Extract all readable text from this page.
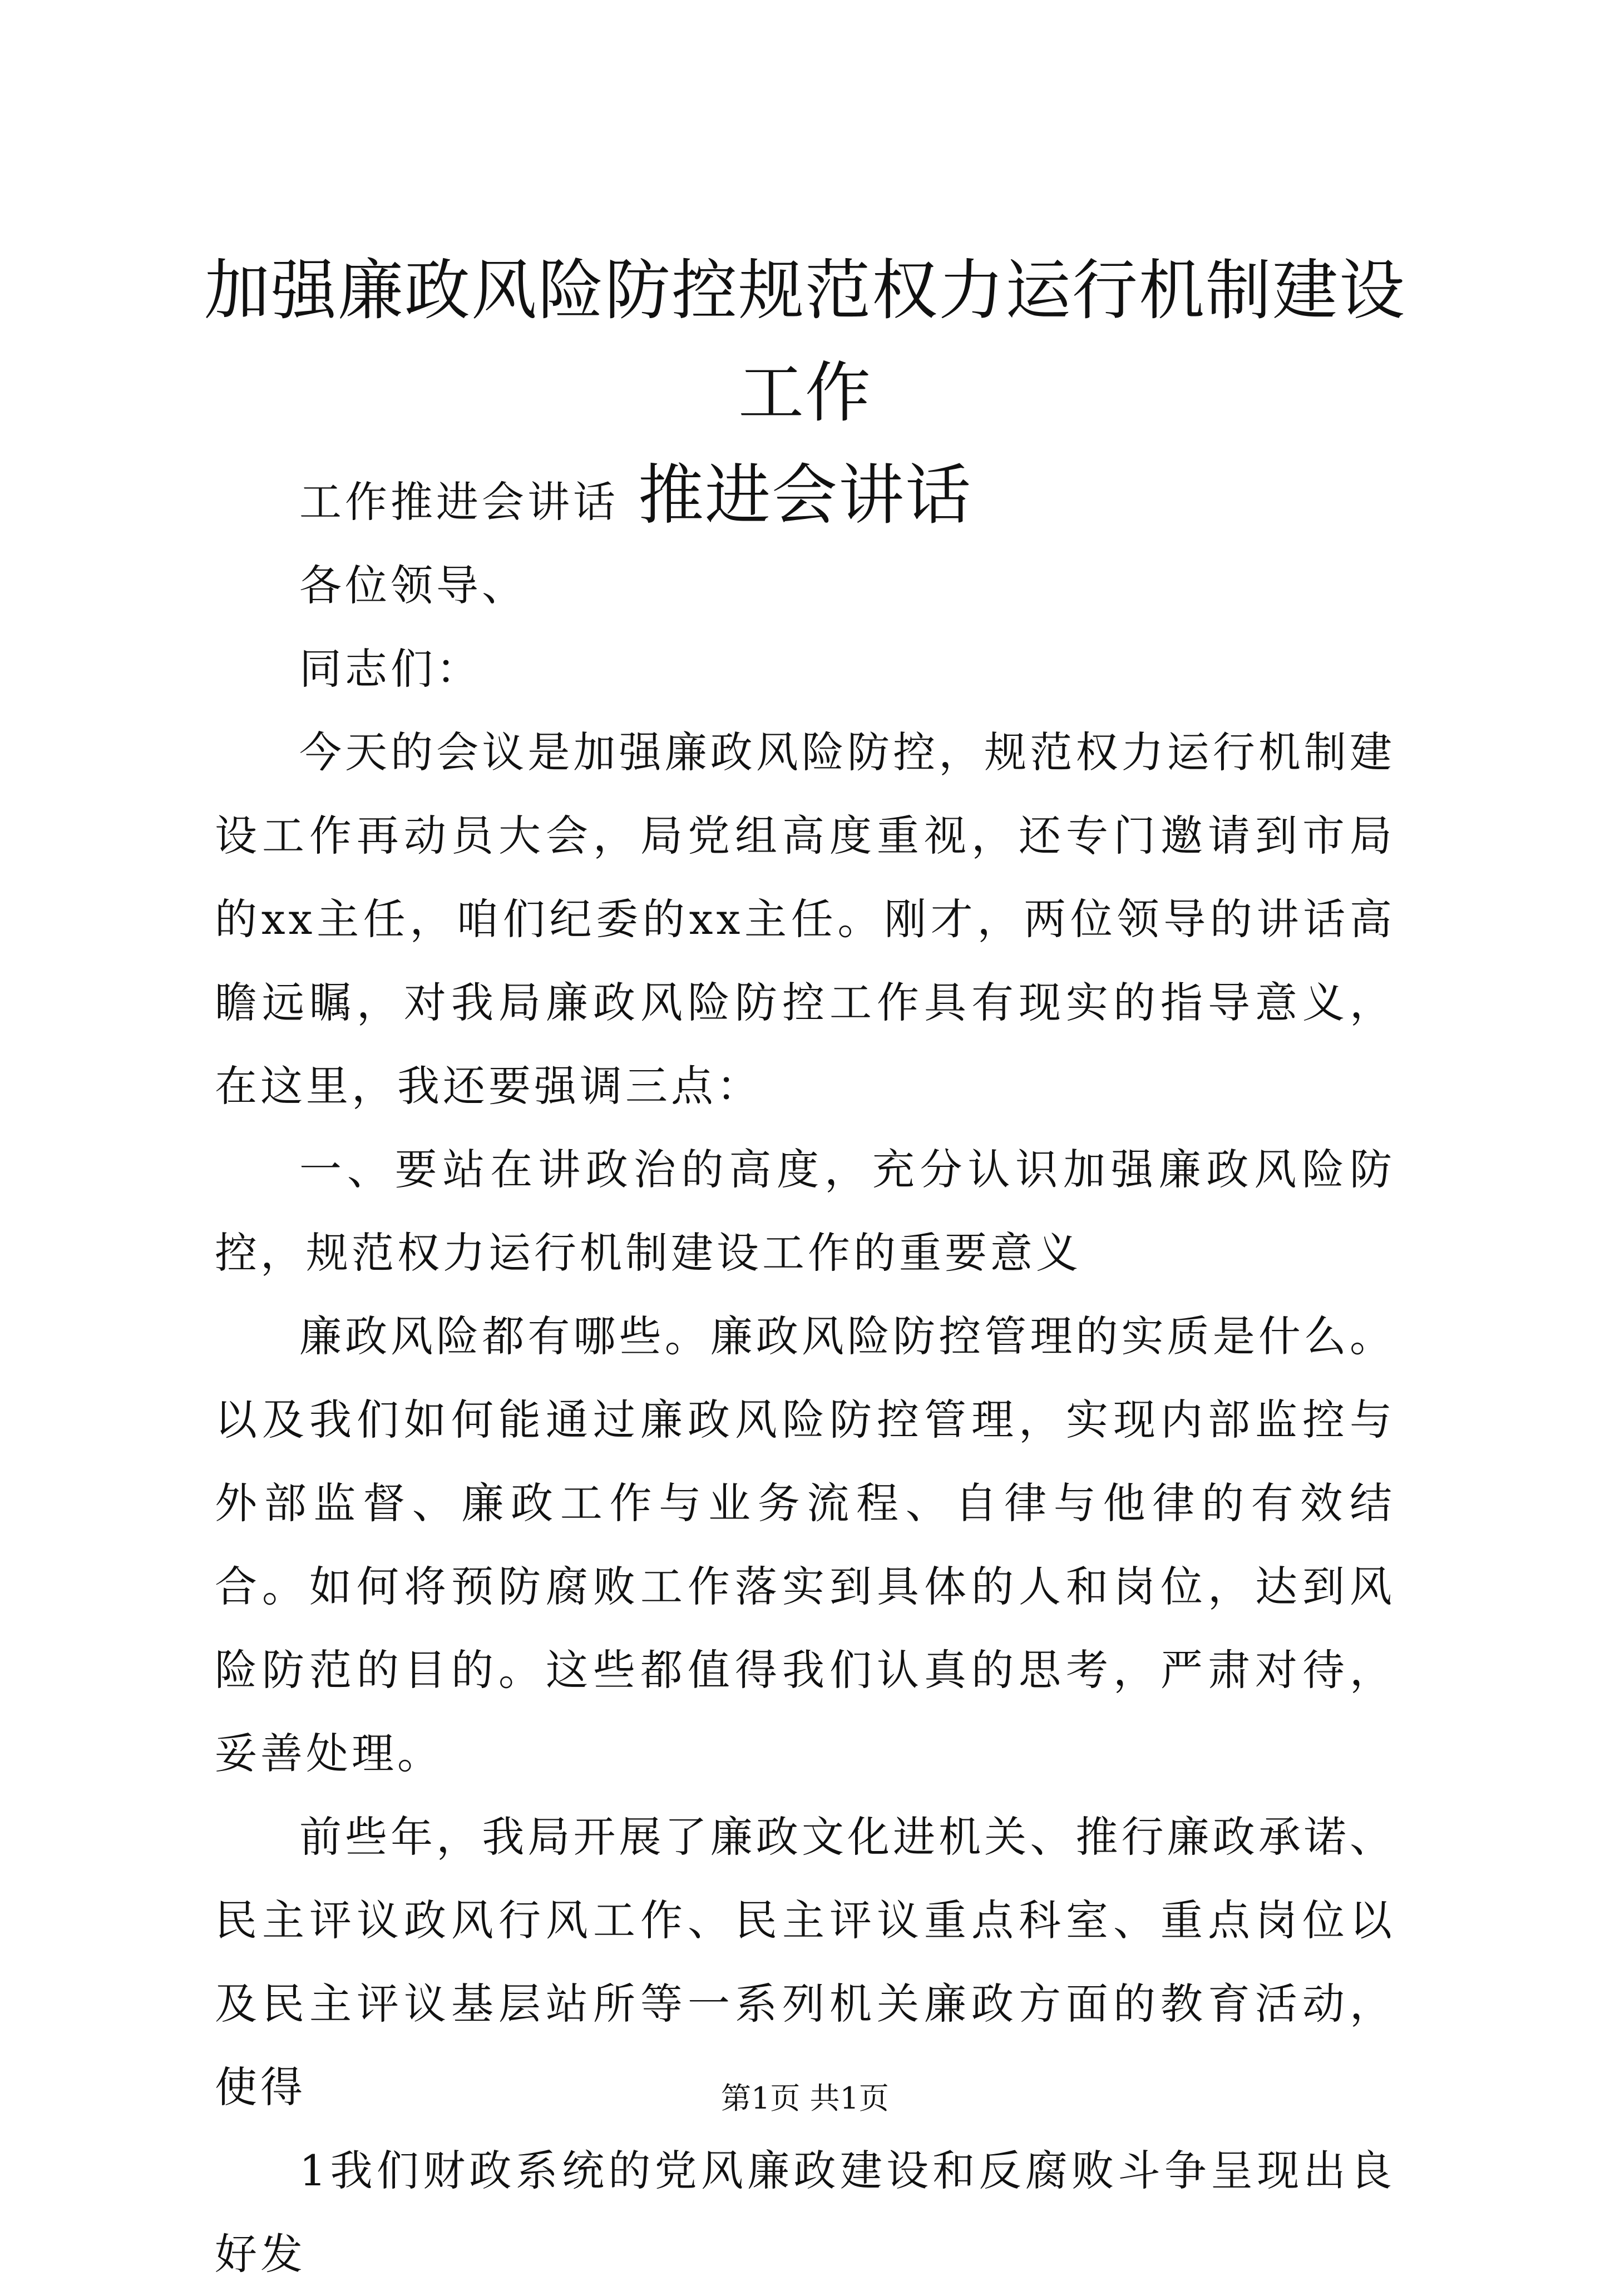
加强廉政风险防控规范权力运行机制建设工作
推进会讲话

工作推进会讲话

各位领导、

同志们：

今天的会议是加强廉政风险防控，规范权力运行机制建设工作再动员大会，局党组高度重视，还专门邀请到市局的xx主任，咱们纪委的xx主任。刚才，两位领导的讲话高瞻远瞩，对我局廉政风险防控工作具有现实的指导意义，在这里，我还要强调三点：

一、要站在讲政治的高度，充分认识加强廉政风险防控，规范权力运行机制建设工作的重要意义

廉政风险都有哪些。廉政风险防控管理的实质是什么。以及我们如何能通过廉政风险防控管理，实现内部监控与外部监督、廉政工作与业务流程、自律与他律的有效结合。如何将预防腐败工作落实到具体的人和岗位，达到风险防范的目的。这些都值得我们认真的思考，严肃对待，妥善处理。

前些年，我局开展了廉政文化进机关、推行廉政承诺、民主评议政风行风工作、民主评议重点科室、重点岗位以及民主评议基层站所等一系列机关廉政方面的教育活动，使得

1我们财政系统的党风廉政建设和反腐败斗争呈现出良好发

第1页 共1页
